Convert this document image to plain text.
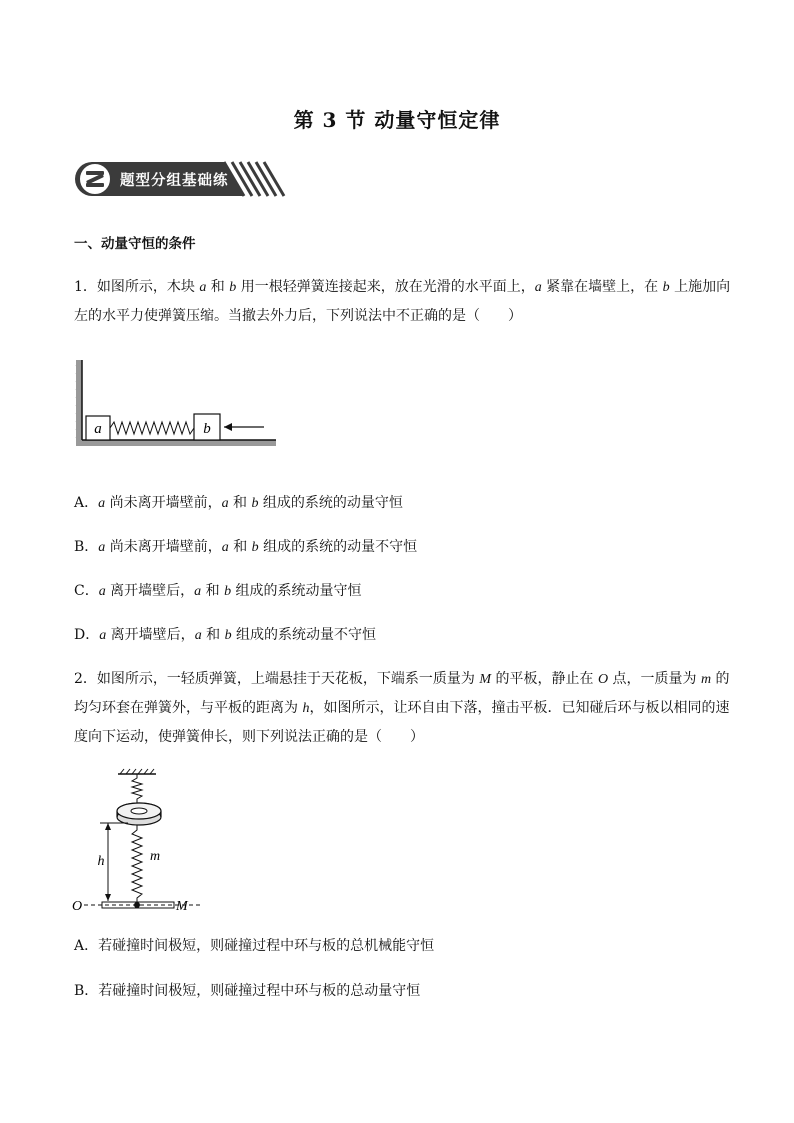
第 3 节 动量守恒定律
题型分组基础练
一、动量守恒的条件
1．如图所示，木块 a 和 b 用一根轻弹簧连接起来，放在光滑的水平面上，a 紧靠在墙壁上，在 b 上施加向
左的水平力使弹簧压缩。当撤去外力后，下列说法中不正确的是（　　）
a	b
A．a 尚未离开墙壁前，a 和 b 组成的系统的动量守恒
B．a 尚未离开墙壁前，a 和 b 组成的系统的动量不守恒
C．a 离开墙壁后，a 和 b 组成的系统动量守恒
D．a 离开墙壁后，a 和 b 组成的系统动量不守恒
2．如图所示，一轻质弹簧，上端悬挂于天花板，下端系一质量为 M 的平板，静止在 O 点，一质量为 m 的
均匀环套在弹簧外，与平板的距离为 h，如图所示，让环自由下落，撞击平板．已知碰后环与板以相同的速
度向下运动，使弹簧伸长，则下列说法正确的是（　　）
m
h
O	M
A．若碰撞时间极短，则碰撞过程中环与板的总机械能守恒
B．若碰撞时间极短，则碰撞过程中环与板的总动量守恒
